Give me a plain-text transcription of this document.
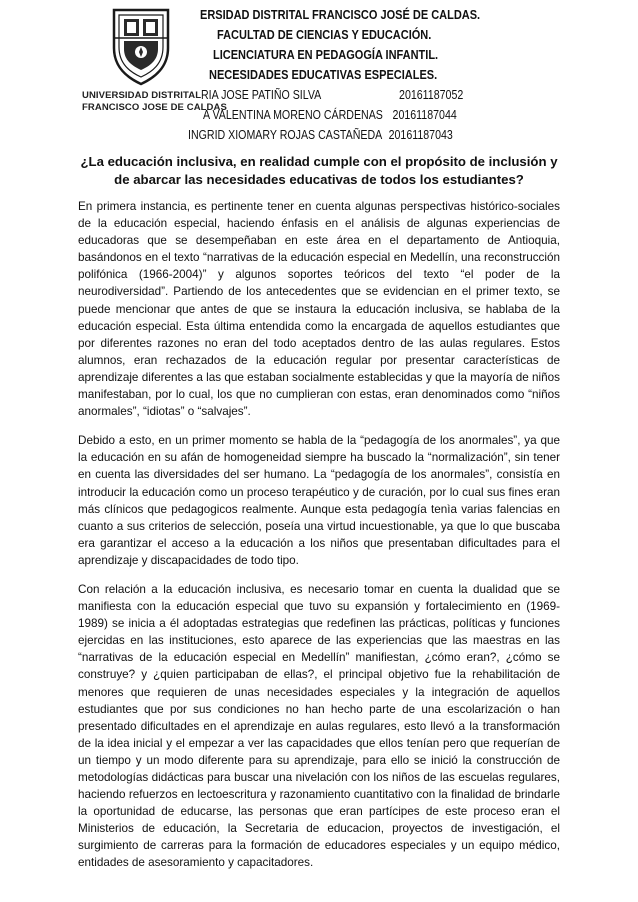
UNIVERSIDAD DISTRITAL
FRANCISCO JOSE DE CALDAS
ERSIDAD DISTRITAL FRANCISCO JOSÉ DE CALDAS.
FACULTAD DE CIENCIAS Y EDUCACIÓN.
LICENCIATURA EN PEDAGOGÍA INFANTIL.
NECESIDADES EDUCATIVAS ESPECIALES.
RIA JOSE PATIÑO SILVA	20161187052
A VALENTINA MORENO CÁRDENAS 20161187044
INGRID XIOMARY ROJAS CASTAÑEDA 20161187043
¿La educación inclusiva, en realidad cumple con el propósito de inclusión y de abarcar las necesidades educativas de todos los estudiantes?

En primera instancia, es pertinente tener en cuenta algunas perspectivas histórico-sociales de la educación especial, haciendo énfasis en el análisis de algunas experiencias de educadoras que se desempeñaban en este área en el departamento de Antioquia, basándonos en el texto “narrativas de la educación especial en Medellín, una reconstrucción polifónica (1966-2004)” y algunos soportes teóricos del texto “el poder de la neurodiversidad”. Partiendo de los antecedentes que se evidencian en el primer texto, se puede mencionar que antes de que se instaura la educación inclusiva, se hablaba de la educación especial. Esta última entendida como la encargada de aquellos estudiantes que por diferentes razones no eran del todo aceptados dentro de las aulas regulares. Estos alumnos, eran rechazados de la educación regular por presentar características de aprendizaje diferentes a las que estaban socialmente establecidas y que la mayoría de niños manifestaban, por lo cual, los que no cumplieran con estas, eran denominados como “niños anormales”, “idiotas” o “salvajes”.

Debido a esto, en un primer momento se habla de la “pedagogía de los anormales”, ya que la educación en su afán de homogeneidad siempre ha buscado la “normalización”, sin tener en cuenta las diversidades del ser humano. La “pedagogía de los anormales”, consistía en introducir la educación como un proceso terapéutico y de curación, por lo cual sus fines eran más clínicos que pedagogicos realmente. Aunque esta pedagogía tenìa varias falencias en cuanto a sus criterios de selección, poseía una virtud incuestionable, ya que lo que buscaba era garantizar el acceso a la educación a los niños que presentaban dificultades para el aprendizaje y discapacidades de todo tipo.

Con relación a la educación inclusiva, es necesario tomar en cuenta la dualidad que se manifiesta con la educación especial que tuvo su expansión y fortalecimiento en (1969-1989) se inicia a él adoptadas estrategias que redefinen las prácticas, políticas y funciones ejercidas en las instituciones, esto aparece de las experiencias que las maestras en las “narrativas de la educación especial en Medellín” manifiestan, ¿cómo eran?, ¿cómo se construye? y ¿quien participaban de ellas?, el principal objetivo fue la rehabilitación de menores que requieren de unas necesidades especiales y la integración de aquellos estudiantes que por sus condiciones no han hecho parte de una escolarización o han presentado dificultades en el aprendizaje en aulas regulares, esto llevó a la transformación de la idea inicial y el empezar a ver las capacidades que ellos tenían pero que requerían de un tiempo y un modo diferente para su aprendizaje, para ello se inició la construcción de metodologías didácticas para buscar una nivelación con los niños de las escuelas regulares, haciendo refuerzos en lectoescritura y razonamiento cuantitativo con la finalidad de brindarle la oportunidad de educarse, las personas que eran partícipes de este proceso eran el Ministerios de educación, la Secretaria de educacion, proyectos de investigación, el surgimiento de carreras para la formación de educadores especiales y un equipo médico, entidades de asesoramiento y capacitadores.
